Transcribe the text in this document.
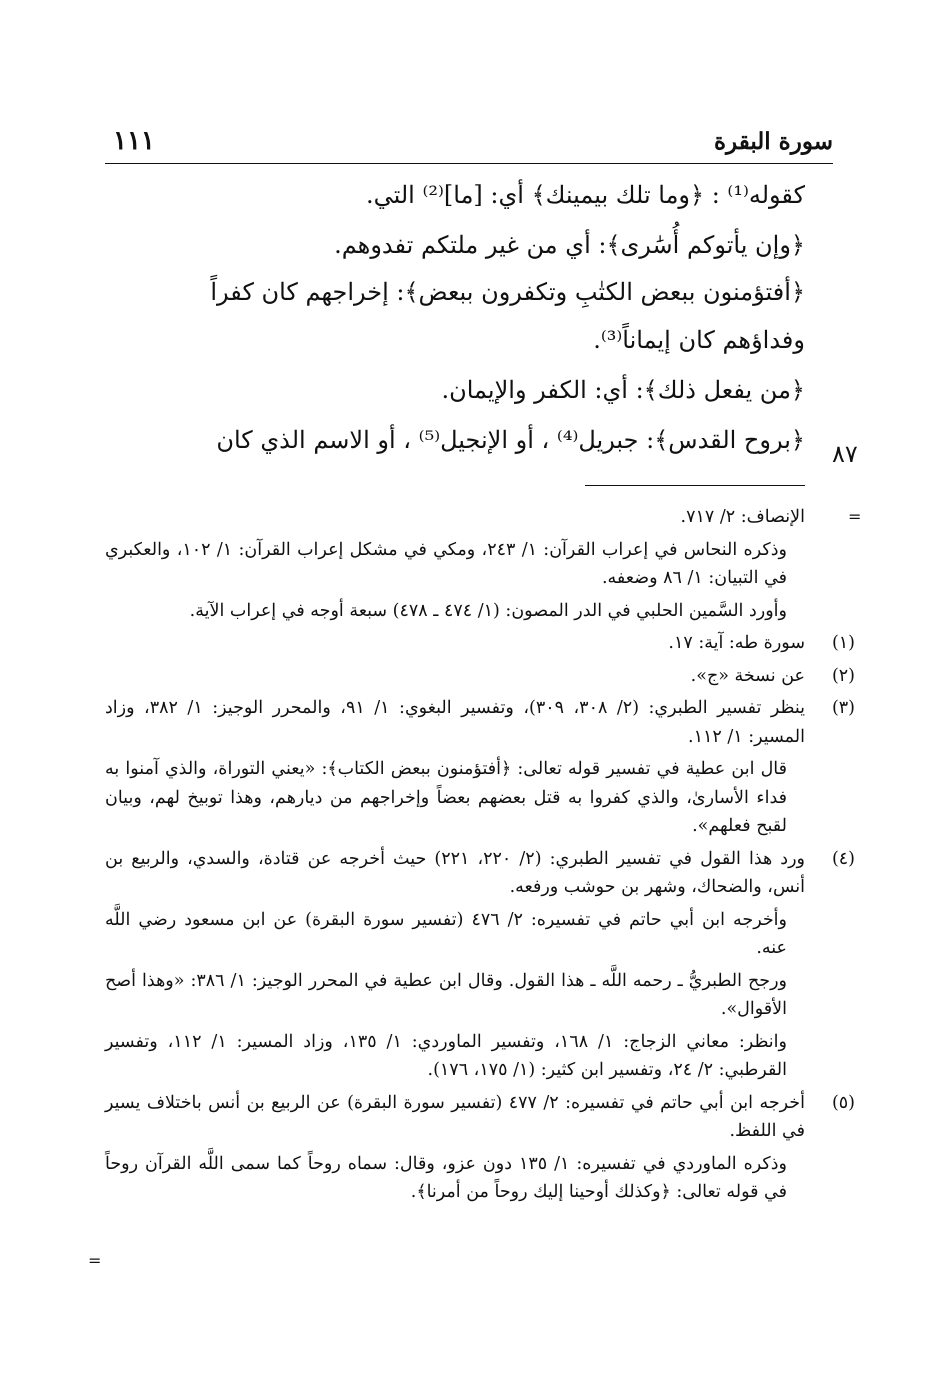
سورة البقرة
١١١
كقوله⁽¹⁾ : ﴿وما تلك بيمينك﴾ أي: [ما]⁽²⁾ التي.
﴿وإن يأتوكم أُسَٰرى﴾: أي من غير ملتكم تفدوهم.
﴿أفتؤمنون ببعض الكتٰبِ وتكفرون ببعض﴾: إخراجهم كان كفراً
وفداؤهم كان إيماناً⁽³⁾.
﴿من يفعل ذلك﴾: أي: الكفر والإيمان.
﴿بروح القدس﴾: جبريل⁽⁴⁾ ، أو الإنجيل⁽⁵⁾ ، أو الاسم الذي كان ٨٧
=
الإنصاف: ٢/ ٧١٧.
وذكره النحاس في إعراب القرآن: ١/ ٢٤٣، ومكي في مشكل إعراب القرآن: ١/ ١٠٢، والعكبري في التبيان: ١/ ٨٦ وضعفه.
وأورد السَّمين الحلبي في الدر المصون: (١/ ٤٧٤ ـ ٤٧٨) سبعة أوجه في إعراب الآية.
(١)
سورة طه: آية: ١٧.
(٢)
عن نسخة «ج».
(٣)
ينظر تفسير الطبري: (٢/ ٣٠٨، ٣٠٩)، وتفسير البغوي: ١/ ٩١، والمحرر الوجيز: ١/ ٣٨٢، وزاد المسير: ١/ ١١٢.
قال ابن عطية في تفسير قوله تعالى: ﴿أفتؤمنون ببعض الكتاب﴾: «يعني التوراة، والذي آمنوا به فداء الأسارىٰ، والذي كفروا به قتل بعضهم بعضاً وإخراجهم من ديارهم، وهذا توبيخ لهم، وبيان لقبح فعلهم».
(٤)
ورد هذا القول في تفسير الطبري: (٢/ ٢٢٠، ٢٢١) حيث أخرجه عن قتادة، والسدي، والربيع بن أنس، والضحاك، وشهر بن حوشب ورفعه.
وأخرجه ابن أبي حاتم في تفسيره: ٢/ ٤٧٦ (تفسير سورة البقرة) عن ابن مسعود رضي اللَّه عنه.
ورجح الطبريُّ ـ رحمه اللَّه ـ هذا القول. وقال ابن عطية في المحرر الوجيز: ١/ ٣٨٦: «وهذا أصح الأقوال».
وانظر: معاني الزجاج: ١/ ١٦٨، وتفسير الماوردي: ١/ ١٣٥، وزاد المسير: ١/ ١١٢، وتفسير القرطبي: ٢/ ٢٤، وتفسير ابن كثير: (١/ ١٧٥، ١٧٦).
(٥)
أخرجه ابن أبي حاتم في تفسيره: ٢/ ٤٧٧ (تفسير سورة البقرة) عن الربيع بن أنس باختلاف يسير في اللفظ.
وذكره الماوردي في تفسيره: ١/ ١٣٥ دون عزو، وقال: سماه روحاً كما سمى اللَّه القرآن روحاً في قوله تعالى: ﴿وكذلك أوحينا إليك روحاً من أمرنا﴾.
=
